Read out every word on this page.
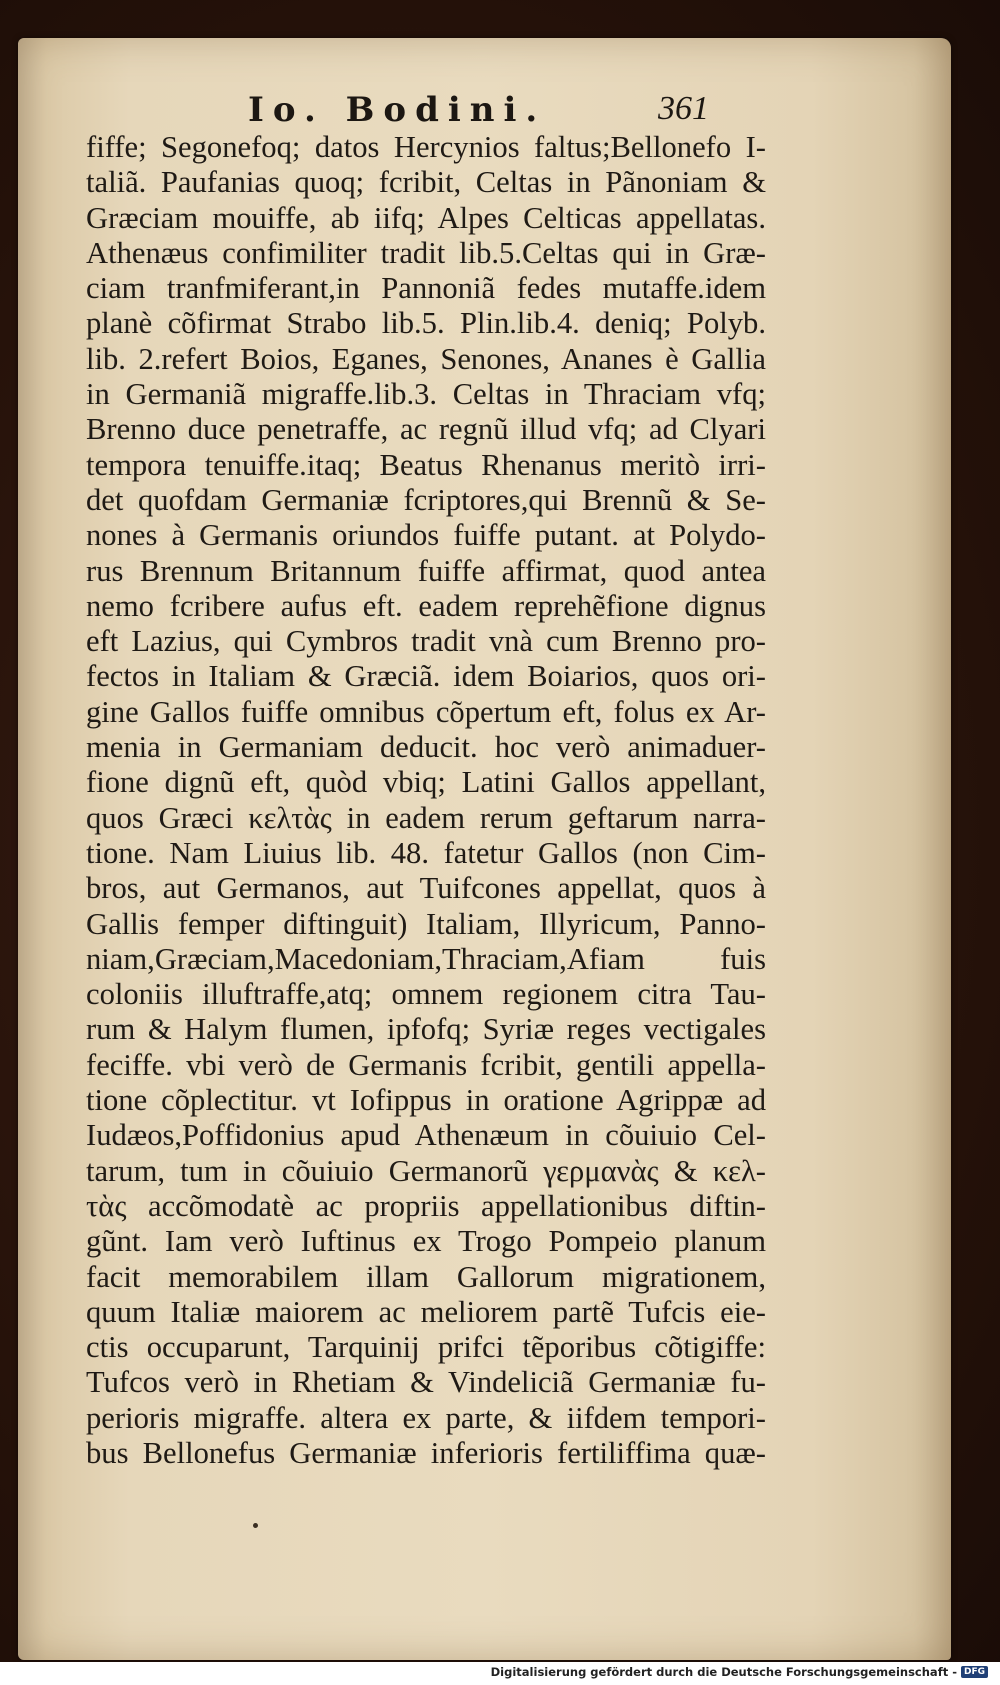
Io. Bodini.	361
fiffe; Segonefoq; datos Hercynios faltus;Bellonefo I-
taliã. Paufanias quoq; fcribit, Celtas in Pãnoniam &
Græciam mouiffe, ab iifq; Alpes Celticas appellatas.
Athenæus confimiliter tradit lib.5.Celtas qui in Græ-
ciam tranfmiferant,in Pannoniã fedes mutaffe.idem
planè cõfirmat Strabo lib.5. Plin.lib.4. deniq; Polyb.
lib. 2.refert Boios, Eganes, Senones, Ananes è Gallia
in Germaniã migraffe.lib.3. Celtas in Thraciam vfq;
Brenno duce penetraffe, ac regnũ illud vfq; ad Clyari
tempora tenuiffe.itaq; Beatus Rhenanus meritò irri-
det quofdam Germaniæ fcriptores,qui Brennũ & Se-
nones à Germanis oriundos fuiffe putant. at Polydo-
rus Brennum Britannum fuiffe affirmat, quod antea
nemo fcribere aufus eft. eadem reprehẽfione dignus
eft Lazius, qui Cymbros tradit vnà cum Brenno pro-
fectos in Italiam & Græciã. idem Boiarios, quos ori-
gine Gallos fuiffe omnibus cõpertum eft, folus ex Ar-
menia in Germaniam deducit. hoc verò animaduer-
fione dignũ eft, quòd vbiq; Latini Gallos appellant,
quos Græci κελτὰς in eadem rerum geftarum narra-
tione. Nam Liuius lib. 48. fatetur Gallos (non Cim-
bros, aut Germanos, aut Tuifcones appellat, quos à
Gallis femper diftinguit) Italiam, Illyricum, Panno-
niam,Græciam,Macedoniam,Thraciam,Afiam fuis
coloniis illuftraffe,atq; omnem regionem citra Tau-
rum & Halym flumen, ipfofq; Syriæ reges vectigales
feciffe. vbi verò de Germanis fcribit, gentili appella-
tione cõplectitur. vt Iofippus in oratione Agrippæ ad
Iudæos,Poffidonius apud Athenæum in cõuiuio Cel-
tarum, tum in cõuiuio Germanorũ γερμανὰς & κελ-
τὰς accõmodatè ac propriis appellationibus diftin-
gũnt. Iam verò Iuftinus ex Trogo Pompeio planum
facit memorabilem illam Gallorum migrationem,
quum Italiæ maiorem ac meliorem partẽ Tufcis eie-
ctis occuparunt, Tarquinij prifci tẽporibus cõtigiffe:
Tufcos verò in Rhetiam & Vindeliciã Germaniæ fu-
perioris migraffe. altera ex parte, & iifdem tempori-
bus Bellonefus Germaniæ inferioris fertiliffima quæ-
Digitalisierung gefördert durch die Deutsche Forschungsgemeinschaft - DFG
